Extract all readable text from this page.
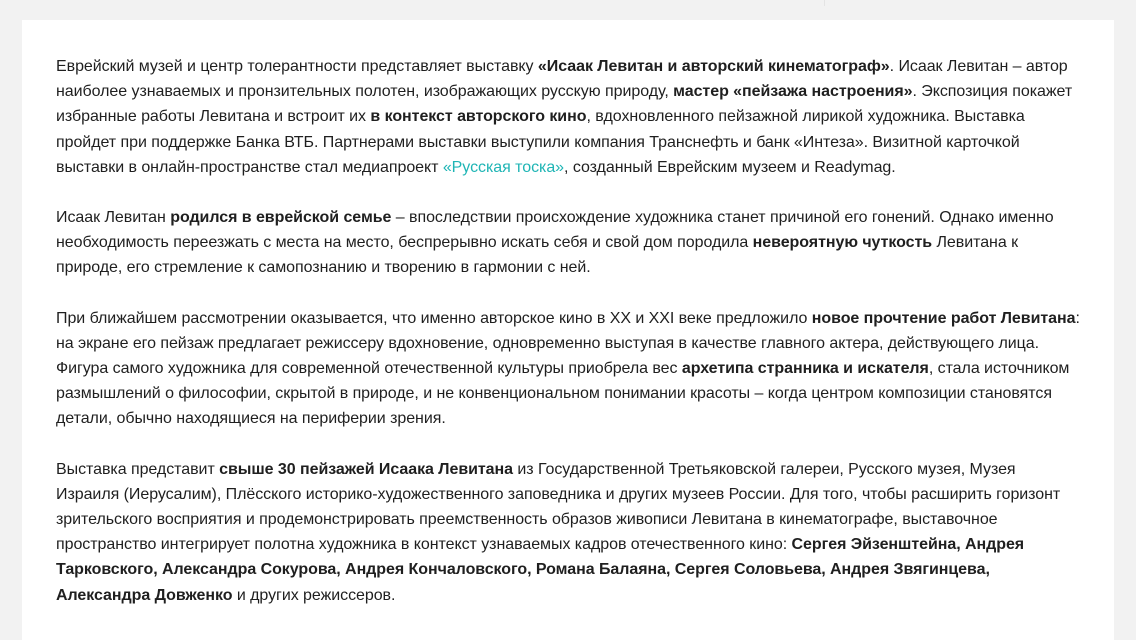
Еврейский музей и центр толерантности представляет выставку «Исаак Левитан и авторский кинематограф». Исаак Левитан – автор наиболее узнаваемых и пронзительных полотен, изображающих русскую природу, мастер «пейзажа настроения». Экспозиция покажет избранные работы Левитана и встроит их в контекст авторского кино, вдохновленного пейзажной лирикой художника. Выставка пройдет при поддержке Банка ВТБ. Партнерами выставки выступили компания Транснефть и банк «Интеза». Визитной карточкой выставки в онлайн-пространстве стал медиапроект «Русская тоска», созданный Еврейским музеем и Readymag.

Исаак Левитан родился в еврейской семье – впоследствии происхождение художника станет причиной его гонений. Однако именно необходимость переезжать с места на место, беспрерывно искать себя и свой дом породила невероятную чуткость Левитана к природе, его стремление к самопознанию и творению в гармонии с ней.

При ближайшем рассмотрении оказывается, что именно авторское кино в XX и XXI веке предложило новое прочтение работ Левитана: на экране его пейзаж предлагает режиссеру вдохновение, одновременно выступая в качестве главного актера, действующего лица. Фигура самого художника для современной отечественной культуры приобрела вес архетипа странника и искателя, стала источником размышлений о философии, скрытой в природе, и не конвенциональном понимании красоты – когда центром композиции становятся детали, обычно находящиеся на периферии зрения.

Выставка представит свыше 30 пейзажей Исаака Левитана из Государственной Третьяковской галереи, Русского музея, Музея Израиля (Иерусалим), Плёсского историко-художественного заповедника и других музеев России. Для того, чтобы расширить горизонт зрительского восприятия и продемонстрировать преемственность образов живописи Левитана в кинематографе, выставочное пространство интегрирует полотна художника в контекст узнаваемых кадров отечественного кино: Сергея Эйзенштейна, Андрея Тарковского, Александра Сокурова, Андрея Кончаловского, Романа Балаяна, Сергея Соловьева, Андрея Звягинцева, Александра Довженко и других режиссеров.
